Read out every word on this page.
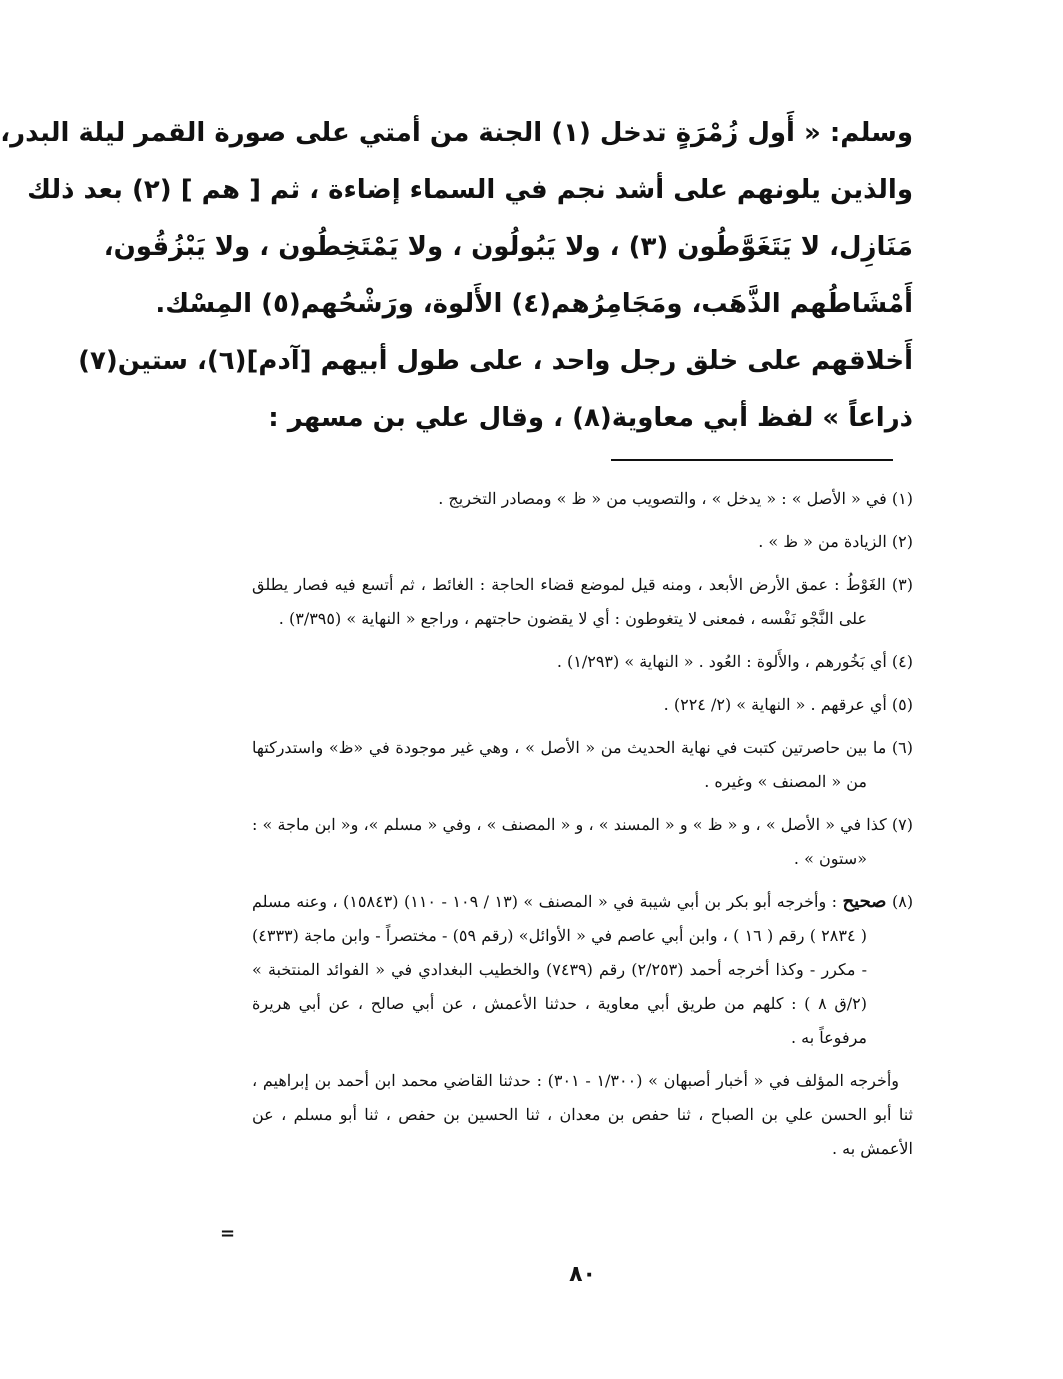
وسلم: « أَول زُمْرَةٍ تدخل (١) الجنة من أمتي على صورة القمر ليلة البدر،
والذين يلونهم على أشد نجم في السماء إضاءة ، ثم [ هم ] (٢) بعد ذلك
مَنَازِل، لا يَتَغَوَّطُون (٣) ، ولا يَبُولُون ، ولا يَمْتَخِطُون ، ولا يَبْزُقُون،
أَمْشَاطُهم الذَّهَب، ومَجَامِرُهم(٤) الأَلوة، ورَشْحُهم(٥) المِسْك.
أَخلاقهم على خلق رجل واحد ، على طول أبيهم [آدم](٦)، ستين(٧)
ذراعاً » لفظ أبي معاوية(٨) ، وقال علي بن مسهر :

(١) في « الأصل » : « يدخل » ، والتصويب من « ظ » ومصادر التخريج .

(٢) الزيادة من « ظ » .

(٣) الغَوْطُ : عمق الأرض الأبعد ، ومنه قيل لموضع قضاء الحاجة : الغائط ، ثم أتسع فيه فصار يطلق على النَّجْو نَفْسه ، فمعنى لا يتغوطون : أي لا يقضون حاجتهم ، وراجع « النهاية » (٣/٣٩٥) .

(٤) أي بَخُورهم ، والأَلوة : العُود . « النهاية » (١/٢٩٣) .

(٥) أي عرقهم . « النهاية » (٢/ ٢٢٤) .

(٦) ما بين حاصرتين كتبت في نهاية الحديث من « الأصل » ، وهي غير موجودة في «ظ» واستدركتها من « المصنف » وغيره .

(٧) كذا في « الأصل » ، و « ظ » و « المسند » ، و « المصنف » ، وفي « مسلم »، و« ابن ماجة » : «ستون » .

(٨) صحيح : وأخرجه أبو بكر بن أبي شيبة في « المصنف » (١٣ / ١٠٩ - ١١٠) (١٥٨٤٣) ، وعنه مسلم ( ٢٨٣٤ ) رقم ( ١٦ ) ، وابن أبي عاصم في « الأوائل» (رقم ٥٩) - مختصراً - وابن ماجة (٤٣٣٣) - مكرر - وكذا أخرجه أحمد (٢/٢٥٣) رقم (٧٤٣٩) والخطيب البغدادي في « الفوائد المنتخبة » (٢/ق ٨ ) : كلهم من طريق أبي معاوية ، حدثنا الأعمش ، عن أبي صالح ، عن أبي هريرة مرفوعاً به .

وأخرجه المؤلف في « أخبار أصبهان » (١/٣٠٠ - ٣٠١) : حدثنا القاضي محمد ابن أحمد بن إبراهيم ، ثنا أبو الحسن علي بن الصباح ، ثنا حفص بن معدان ، ثنا الحسين بن حفص ، ثنا أبو مسلم ، عن الأعمش به .

=
٨٠
